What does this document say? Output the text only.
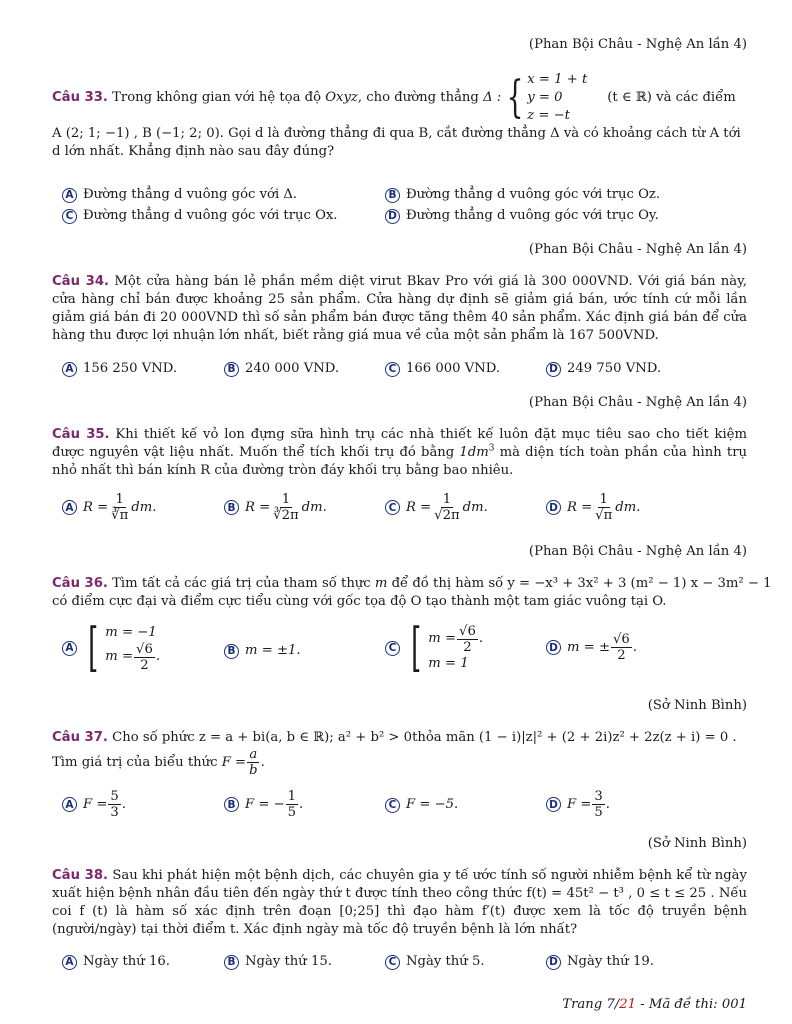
(Phan Bội Châu - Nghệ An lần 4)
Câu 33. Trong không gian với hệ tọa độ Oxyz, cho đường thẳng Δ : { x = 1 + t
y = 0
z = −t
(t ∈ ℝ) và các điểm
A (2; 1; −1) , B (−1; 2; 0). Gọi d là đường thẳng đi qua B, cắt đường thẳng Δ và có khoảng cách từ A tới
d lớn nhất. Khẳng định nào sau đây đúng?
A Đường thẳng d vuông góc với Δ.	B Đường thẳng d vuông góc với trục Oz.
C Đường thẳng d vuông góc với trục Ox.	D Đường thẳng d vuông góc với trục Oy.
(Phan Bội Châu - Nghệ An lần 4)
Câu 34. Một cửa hàng bán lẻ phần mềm diệt virut Bkav Pro với giá là 300 000VND. Với giá bán này, cửa hàng chỉ bán được khoảng 25 sản phẩm. Cửa hàng dự định sẽ giảm giá bán, ước tính cứ mỗi lần giảm giá bán đi 20 000VND thì số sản phẩm bán được tăng thêm 40 sản phẩm. Xác định giá bán để cửa hàng thu được lợi nhuận lớn nhất, biết rằng giá mua về của một sản phẩm là 167 500VND.
A 156 250 VND.	B 240 000 VND.	C 166 000 VND.	D 249 750 VND.
(Phan Bội Châu - Nghệ An lần 4)
Câu 35. Khi thiết kế vỏ lon đựng sữa hình trụ các nhà thiết kế luôn đặt mục tiêu sao cho tiết kiệm được nguyên vật liệu nhất. Muốn thể tích khối trụ đó bằng $1dm^3$ mà diện tích toàn phần của hình trụ nhỏ nhất thì bán kính R của đường tròn đáy khối trụ bằng bao nhiêu.
A $R = \frac{1}{∛\pi}$ dm.	B $R = \frac{1}{∛2\pi}$ dm.	C $R = \frac{1}{√2\pi}$ dm.	D $R = \frac{1}{√\pi}$ dm.
(Phan Bội Châu - Nghệ An lần 4)
Câu 36. Tìm tất cả các giá trị của tham số thực m để đồ thị hàm số y = −x³ + 3x² + 3 (m² − 1) x − 3m² − 1
có điểm cực đại và điểm cực tiểu cùng với gốc tọa độ O tạo thành một tam giác vuông tại O.
A [ m = −1
$m = \frac{√6}{2}$ .	B m = ±1.	C [ $m = \frac{√6}{2}$ .
m = 1
D m = ± $\frac{√6}{2}$ .
(Sở Ninh Bình)
Câu 37. Cho số phức z = a + bi(a, b ∈ ℝ); a² + b² > 0thỏa mãn (1 − i)|z|² + (2 + 2i)z² + 2z(z + i) = 0 .
Tìm giá trị của biểu thức
$F = \frac{a}{b}$ .
A $F = \frac{5}{3}$ .	B F = − $\frac{1}{5}$ .	C F = −5.	D $F = \frac{3}{5}$ .
(Sở Ninh Bình)
Câu 38. Sau khi phát hiện một bệnh dịch, các chuyên gia y tế ước tính số người nhiễm bệnh kể từ ngày xuất hiện bệnh nhân đầu tiên đến ngày thứ t được tính theo công thức f(t) = 45t² − t³ , 0 ≤ t ≤ 25 . Nếu coi f (t) là hàm số xác định trên đoạn [0;25] thì đạo hàm f′(t) được xem là tốc độ truyền bệnh (người/ngày) tại thời điểm t. Xác định ngày mà tốc độ truyền bệnh là lớn nhất?
A Ngày thứ 16.	B Ngày thứ 15.	C Ngày thứ 5.	D Ngày thứ 19.
Trang 7/21 - Mã đề thi: 001
